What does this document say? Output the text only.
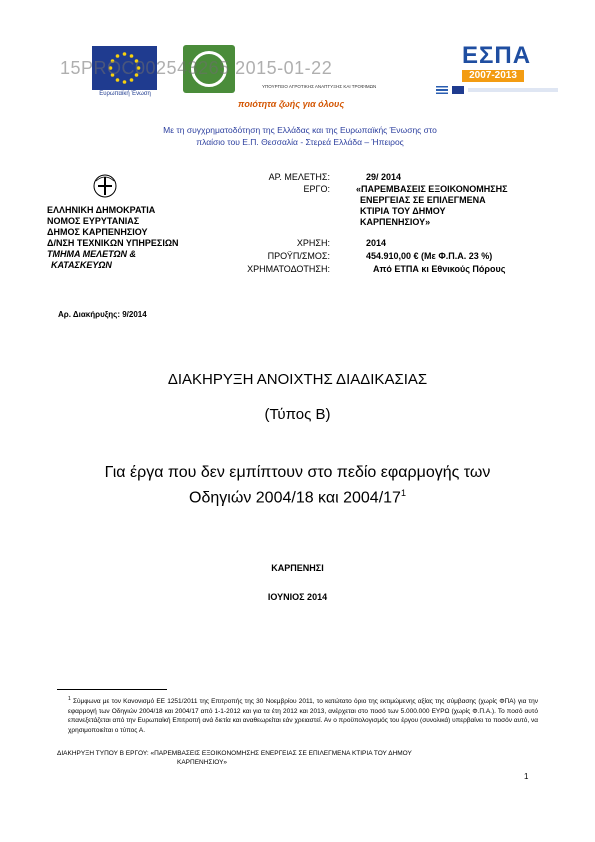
Ευρωπαϊκή Ένωση
ΥΠΟΥΡΓΕΙΟ ΑΓΡΟΤΙΚΗΣ ΑΝΑΠΤΥΞΗΣ ΚΑΙ ΤΡΟΦΙΜΩΝ
15PROC002543265 2015-01-22
ποιότητα ζωής για όλους
ΕΣΠΑ
2007-2013
Με τη συγχρηματοδότηση της Ελλάδας και της Ευρωπαϊκής Ένωσης στο
πλαίσιο του Ε.Π. Θεσσαλία - Στερεά Ελλάδα – Ήπειρος
ΕΛΛΗΝΙΚΗ ΔΗΜΟΚΡΑΤΙΑ
ΝΟΜΟΣ ΕΥΡΥΤΑΝΙΑΣ
ΔΗΜΟΣ ΚΑΡΠΕΝΗΣΙΟΥ
Δ/ΝΣΗ ΤΕΧΝΙΚΩΝ ΥΠΗΡΕΣΙΩΝ
ΤΜΗΜΑ ΜΕΛΕΤΩΝ &
ΚΑΤΑΣΚΕΥΩΝ
ΑΡ. ΜΕΛΕΤΗΣ:	29/ 2014
ΕΡΓΟ:	«ΠΑΡΕΜΒΑΣΕΙΣ ΕΞΟΙΚΟΝΟΜΗΣΗΣ
ΕΝΕΡΓΕΙΑΣ ΣΕ ΕΠΙΛΕΓΜΕΝΑ
ΚΤΙΡΙΑ ΤΟΥ ΔΗΜΟΥ
ΚΑΡΠΕΝΗΣΙΟΥ»
ΧΡΗΣΗ:	2014
ΠΡΟΫΠ/ΣΜΟΣ:	454.910,00 € (Με Φ.Π.Α. 23 %)
ΧΡΗΜΑΤΟΔΟΤΗΣΗ:	Από ΕΤΠΑ κι Εθνικούς Πόρους
Αρ. Διακήρυξης: 9/2014
ΔΙΑΚΗΡΥΞΗ ΑΝΟΙΧΤΗΣ ΔΙΑΔΙΚΑΣΙΑΣ
(Τύπος Β)
Για έργα που δεν εμπίπτουν στο πεδίο εφαρμογής των
Οδηγιών 2004/18 και $2004/17^1$
ΚΑΡΠΕΝΗΣΙ
ΙΟΥΝΙΟΣ 2014
$^1$ Σύμφωνα με τον Κανονισμό ΕΕ 1251/2011 της Επιτροπής της 30 Νοεμβρίου 2011, το κατώτατο όριο της εκτιμώμενης αξίας της σύμβασης (χωρίς ΦΠΑ) για την εφαρμογή των Οδηγιών 2004/18 και 2004/17 από 1-1-2012 και για τα έτη 2012 και 2013, ανέρχεται στο ποσό των 5.000.000 ΕΥΡΩ (χωρίς Φ.Π.Α.). Το ποσό αυτό επανεξετάζεται από την Ευρωπαϊκή Επιτροπή ανά διετία και αναθεωρείται εάν χρειαστεί. Αν ο προϋπολογισμός του έργου (συνολικά) υπερβαίνει το ποσόν αυτό, να χρησιμοποιείται ο τύπος Α.
ΔΙΑΚΗΡΥΞΗ ΤΥΠΟΥ Β ΕΡΓΟΥ: «ΠΑΡΕΜΒΑΣΕΙΣ ΕΞΟΙΚΟΝΟΜΗΣΗΣ ΕΝΕΡΓΕΙΑΣ ΣΕ ΕΠΙΛΕΓΜΕΝΑ ΚΤΙΡΙΑ ΤΟΥ ΔΗΜΟΥ
ΚΑΡΠΕΝΗΣΙΟΥ»
1
